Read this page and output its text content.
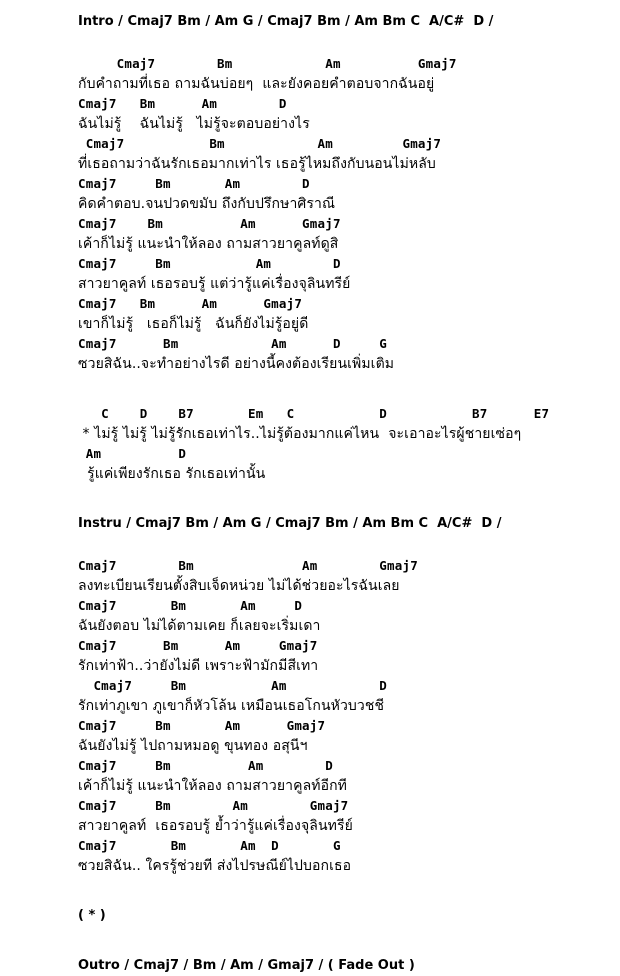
Intro / Cmaj7 Bm / Am G / Cmaj7 Bm / Am Bm C  A/C#  D /
Cmaj7        Bm            Am          Gmaj7
กับคำถามที่เธอ ถามฉันบ่อยๆ  และยังคอยคำตอบจากฉันอยู่
Cmaj7   Bm      Am        D
ฉันไม่รู้    ฉันไม่รู้   ไม่รู้จะตอบอย่างไร
Cmaj7           Bm            Am         Gmaj7
ที่เธอถามว่าฉันรักเธอมากเท่าไร เธอรู้ไหมถึงกับนอนไม่หลับ
Cmaj7     Bm       Am        D
คิดคำตอบ.จนปวดขมับ ถึงกับปรึกษาศิราณี
Cmaj7    Bm          Am      Gmaj7
เค้าก็ไม่รู้ แนะนำให้ลอง ถามสาวยาคูลท์ดูสิ
Cmaj7     Bm           Am        D
สาวยาคูลท์ เธอรอบรู้ แต่ว่ารู้แค่เรื่องจุลินทรีย์
Cmaj7   Bm      Am      Gmaj7
เขาก็ไม่รู้   เธอก็ไม่รู้   ฉันก็ยังไม่รู้อยู่ดี
Cmaj7      Bm            Am      D     G
ซวยสิฉัน..จะทำอย่างไรดี อย่างนี้คงต้องเรียนเพิ่มเติม
C    D    B7       Em   C           D           B7      E7
* ไม่รู้ ไม่รู้ ไม่รู้รักเธอเท่าไร..ไม่รู้ต้องมากแค่ไหน  จะเอาอะไรผู้ชายเซ่อๆ
Am          D
รู้แค่เพียงรักเธอ รักเธอเท่านั้น
Instru / Cmaj7 Bm / Am G / Cmaj7 Bm / Am Bm C  A/C#  D /
Cmaj7        Bm              Am        Gmaj7
ลงทะเบียนเรียนตั้งสิบเจ็ดหน่วย ไม่ได้ช่วยอะไรฉันเลย
Cmaj7       Bm       Am     D
ฉันยังตอบ ไม่ได้ตามเคย ก็เลยจะเริ่มเดา
Cmaj7      Bm      Am     Gmaj7
รักเท่าฟ้า..ว่ายังไม่ดี เพราะฟ้ามักมีสีเทา
Cmaj7     Bm           Am            D
รักเท่าภูเขา ภูเขาก็หัวโล้น เหมือนเธอโกนหัวบวชชี
Cmaj7     Bm       Am      Gmaj7
ฉันยังไม่รู้ ไปถามหมอดู ขุนทอง อสุนีฯ
Cmaj7     Bm          Am        D
เค้าก็ไม่รู้ แนะนำให้ลอง ถามสาวยาคูลท์อีกที
Cmaj7     Bm        Am        Gmaj7
สาวยาคูลท์  เธอรอบรู้ ย้ำว่ารู้แค่เรื่องจุลินทรีย์
Cmaj7       Bm       Am  D       G
ซวยสิฉัน.. ใครรู้ช่วยที ส่งไปรษณีย์ไปบอกเธอ
( * )
Outro / Cmaj7 / Bm / Am / Gmaj7 / ( Fade Out )
